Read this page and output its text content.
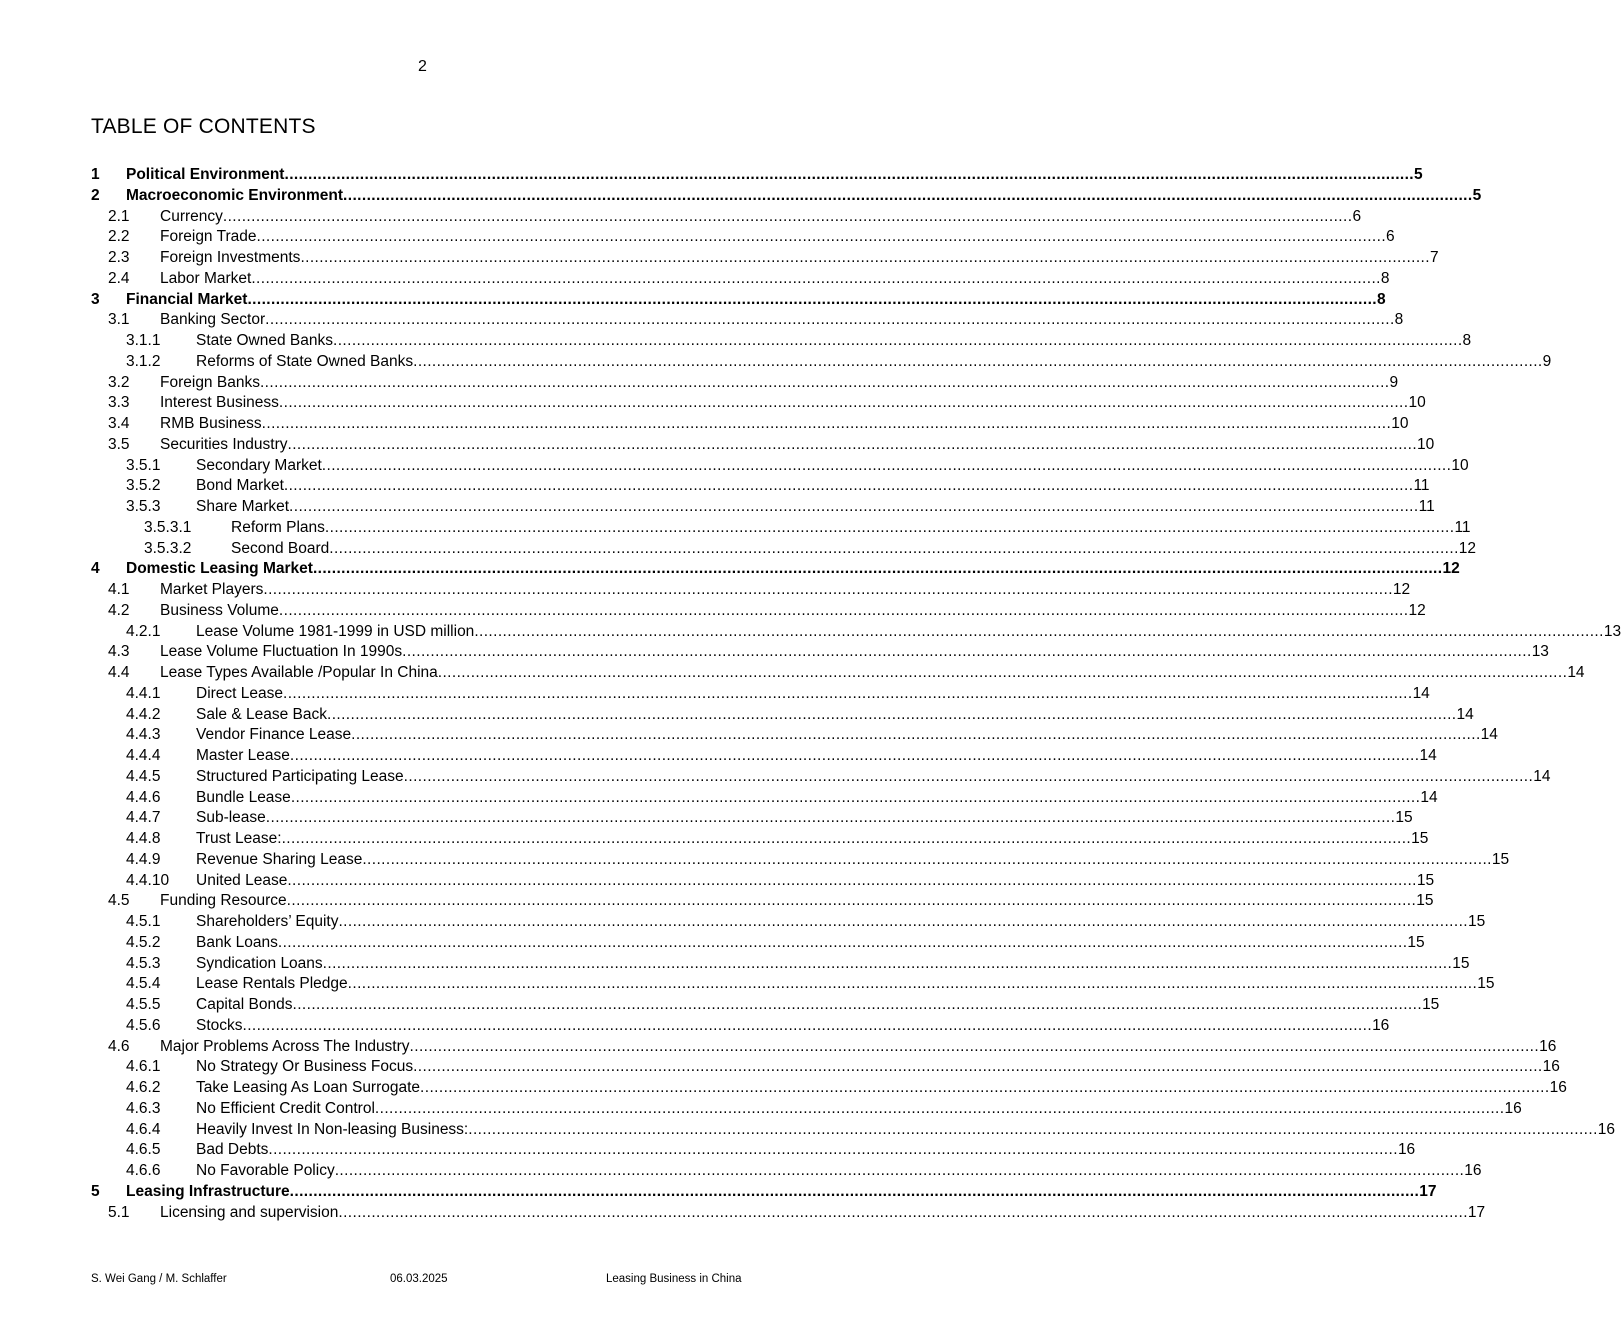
2
TABLE OF CONTENTS
1	Political Environment .....	5
2	Macroeconomic Environment .....	5
2.1	Currency .....	6
2.2	Foreign Trade .....	6
2.3	Foreign Investments .....	7
2.4	Labor Market .....	8
3	Financial Market .....	8
3.1	Banking Sector .....	8
3.1.1	State Owned Banks .....	8
3.1.2	Reforms of State Owned Banks .....	9
3.2	Foreign Banks .....	9
3.3	Interest Business .....	10
3.4	RMB Business .....	10
3.5	Securities Industry .....	10
3.5.1	Secondary Market .....	10
3.5.2	Bond Market .....	11
3.5.3	Share Market .....	11
3.5.3.1	Reform Plans .....	11
3.5.3.2	Second Board .....	12
4	Domestic Leasing Market .....	12
4.1	Market Players .....	12
4.2	Business Volume .....	12
4.2.1	Lease Volume 1981-1999 in USD million .....	13
4.3	Lease Volume Fluctuation In 1990s .....	13
4.4	Lease Types Available /Popular In China .....	14
4.4.1	Direct Lease .....	14
4.4.2	Sale & Lease Back .....	14
4.4.3	Vendor Finance Lease .....	14
4.4.4	Master Lease .....	14
4.4.5	Structured Participating Lease .....	14
4.4.6	Bundle Lease .....	14
4.4.7	Sub-lease .....	15
4.4.8	Trust Lease: .....	15
4.4.9	Revenue Sharing Lease .....	15
4.4.10	United Lease .....	15
4.5	Funding Resource .....	15
4.5.1	Shareholders’ Equity .....	15
4.5.2	Bank Loans .....	15
4.5.3	Syndication Loans .....	15
4.5.4	Lease Rentals Pledge .....	15
4.5.5	Capital Bonds .....	15
4.5.6	Stocks .....	16
4.6	Major Problems Across The Industry .....	16
4.6.1	No Strategy Or Business Focus .....	16
4.6.2	Take Leasing As Loan Surrogate .....	16
4.6.3	No Efficient Credit Control .....	16
4.6.4	Heavily Invest In Non-leasing Business: .....	16
4.6.5	Bad Debts .....	16
4.6.6	No Favorable Policy .....	16
5	Leasing Infrastructure .....	17
5.1	Licensing and supervision .....	17
S. Wei Gang / M. Schlaffer	06.03.2025	Leasing Business in China
